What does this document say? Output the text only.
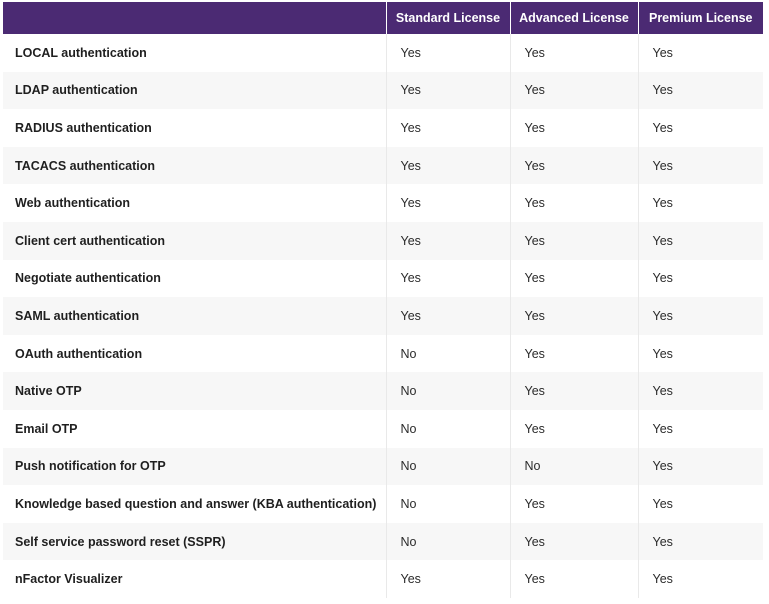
	Standard License	Advanced License	Premium License
LOCAL authentication	Yes	Yes	Yes
LDAP authentication	Yes	Yes	Yes
RADIUS authentication	Yes	Yes	Yes
TACACS authentication	Yes	Yes	Yes
Web authentication	Yes	Yes	Yes
Client cert authentication	Yes	Yes	Yes
Negotiate authentication	Yes	Yes	Yes
SAML authentication	Yes	Yes	Yes
OAuth authentication	No	Yes	Yes
Native OTP	No	Yes	Yes
Email OTP	No	Yes	Yes
Push notification for OTP	No	No	Yes
Knowledge based question and answer (KBA authentication)	No	Yes	Yes
Self service password reset (SSPR)	No	Yes	Yes
nFactor Visualizer	Yes	Yes	Yes
